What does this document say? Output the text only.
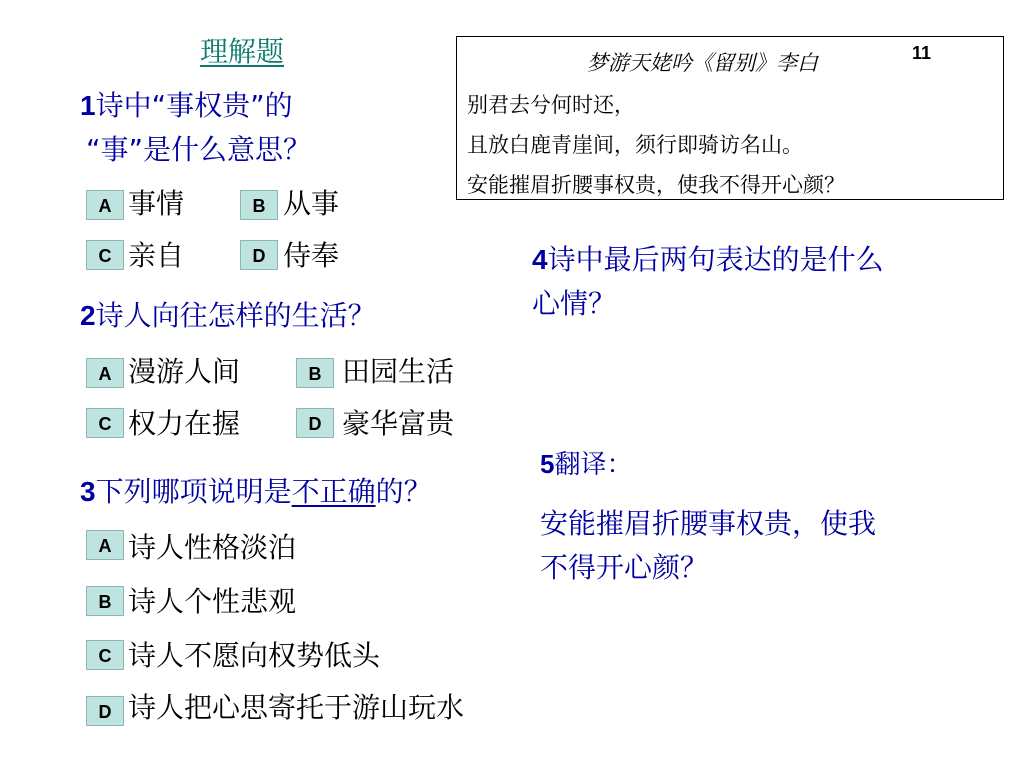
理解题	梦游天姥吟《留别》李白	11
别君去兮何时还，
且放白鹿青崖间，须行即骑访名山。
安能摧眉折腰事权贵，使我不得开心颜？
1诗中“事权贵”的
“事”是什么意思？
A 事情	B 从事
C 亲自	D 侍奉
2诗人向往怎样的生活？
A 漫游人间	B 田园生活
C 权力在握	D 豪华富贵
3下列哪项说明是不正确的？
A 诗人性格淡泊
B 诗人个性悲观
C 诗人不愿向权势低头
D 诗人把心思寄托于游山玩水
4诗中最后两句表达的是什么
心情？
5翻译：
安能摧眉折腰事权贵，使我
不得开心颜？
